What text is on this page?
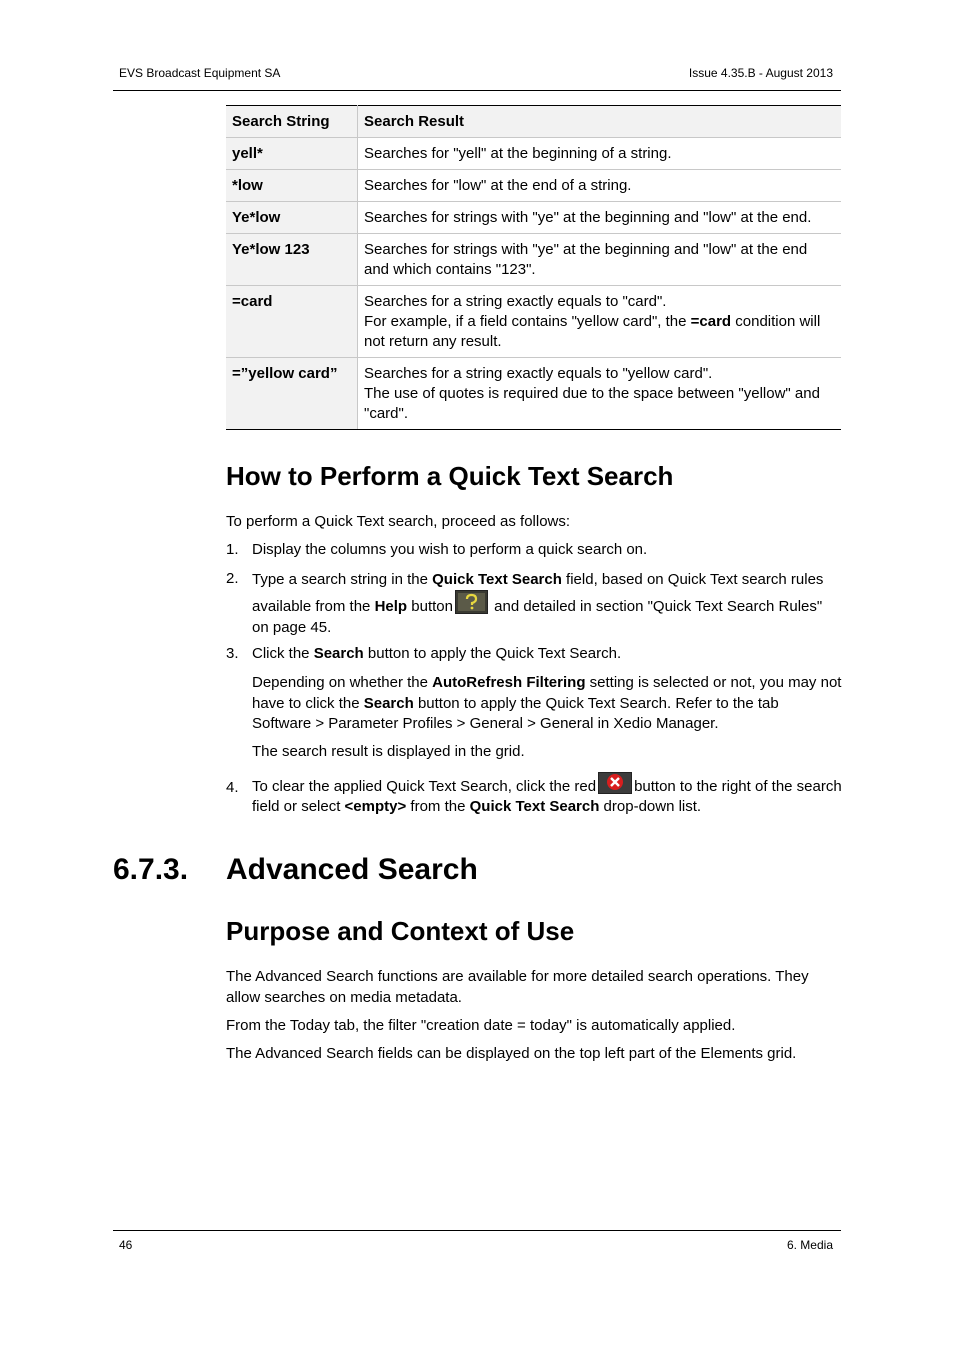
EVS Broadcast Equipment SA	Issue 4.35.B - August 2013
Search String	Search Result
yell*	Searches for "yell" at the beginning of a string.
*low	Searches for "low" at the end of a string.
Ye*low	Searches for strings with "ye" at the beginning and "low" at the end.
Ye*low 123	Searches for strings with "ye" at the beginning and "low" at the end and which contains "123".
=card	Searches for a string exactly equals to "card".
For example, if a field contains "yellow card", the =card condition will not return any result.

=”yellow card”	Searches for a string exactly equals to "yellow card".
The use of quotes is required due to the space between "yellow" and "card".
How to Perform a Quick Text Search
To perform a Quick Text search, proceed as follows:
1. Display the columns you wish to perform a quick search on.
2. Type a search string in the Quick Text Search field, based on Quick Text search rules available from the Help button and detailed in section "Quick Text Search Rules" on page 45.
3. Click the Search button to apply the Quick Text Search.
Depending on whether the AutoRefresh Filtering setting is selected or not, you may not have to click the Search button to apply the Quick Text Search. Refer to the tab Software > Parameter Profiles > General > General in Xedio Manager.
The search result is displayed in the grid.
4. To clear the applied Quick Text Search, click the red	button to the right of the search field or select <empty> from the Quick Text Search drop-down list.
6.7.3. Advanced Search
Purpose and Context of Use
The Advanced Search functions are available for more detailed search operations. They allow searches on media metadata.
From the Today tab, the filter "creation date = today" is automatically applied.
The Advanced Search fields can be displayed on the top left part of the Elements grid.
46	6. Media
